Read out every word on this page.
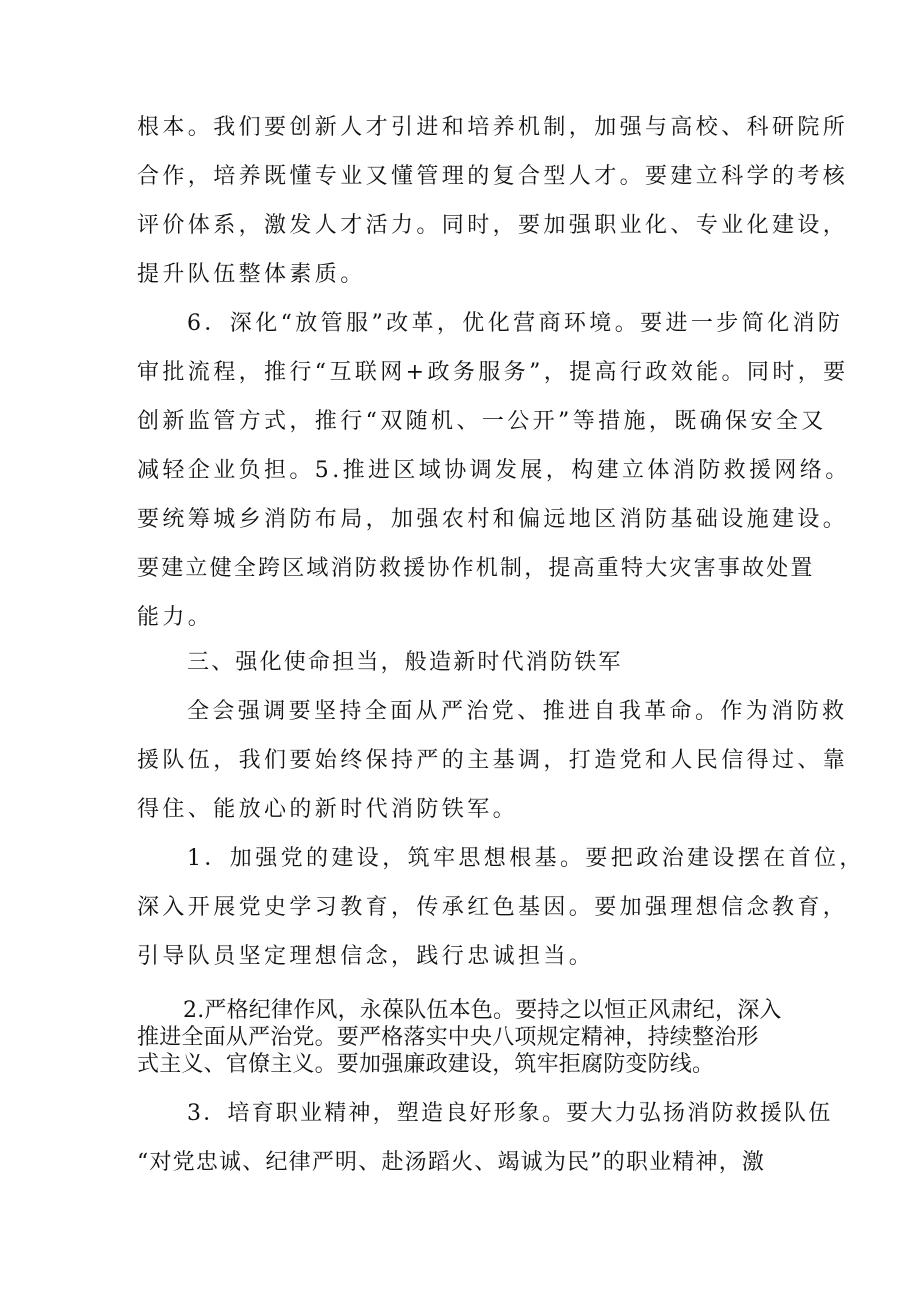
根本。我们要创新人才引进和培养机制，加强与高校、科研院所
合作，培养既懂专业又懂管理的复合型人才。要建立科学的考核
评价体系，激发人才活力。同时，要加强职业化、专业化建设，
提升队伍整体素质。
6．深化“放管服”改革，优化营商环境。要进一步简化消防
审批流程，推行“互联网+政务服务”，提高行政效能。同时，要
创新监管方式，推行“双随机、一公开”等措施，既确保安全又
减轻企业负担。5.推进区域协调发展，构建立体消防救援网络。
要统筹城乡消防布局，加强农村和偏远地区消防基础设施建设。
要建立健全跨区域消防救援协作机制，提高重特大灾害事故处置
能力。
三、强化使命担当，般造新时代消防铁军
全会强调要坚持全面从严治党、推进自我革命。作为消防救
援队伍，我们要始终保持严的主基调，打造党和人民信得过、靠
得住、能放心的新时代消防铁军。
1．加强党的建设，筑牢思想根基。要把政治建设摆在首位，
深入开展党史学习教育，传承红色基因。要加强理想信念教育，
引导队员坚定理想信念，践行忠诚担当。
2.严格纪律作风，永葆队伍本色。要持之以恒正风肃纪，深入
推进全面从严治党。要严格落实中央八项规定精神，持续整治形
式主义、官僚主义。要加强廉政建设，筑牢拒腐防变防线。
3．培育职业精神，塑造良好形象。要大力弘扬消防救援队伍
“对党忠诚、纪律严明、赴汤蹈火、竭诚为民”的职业精神，激
